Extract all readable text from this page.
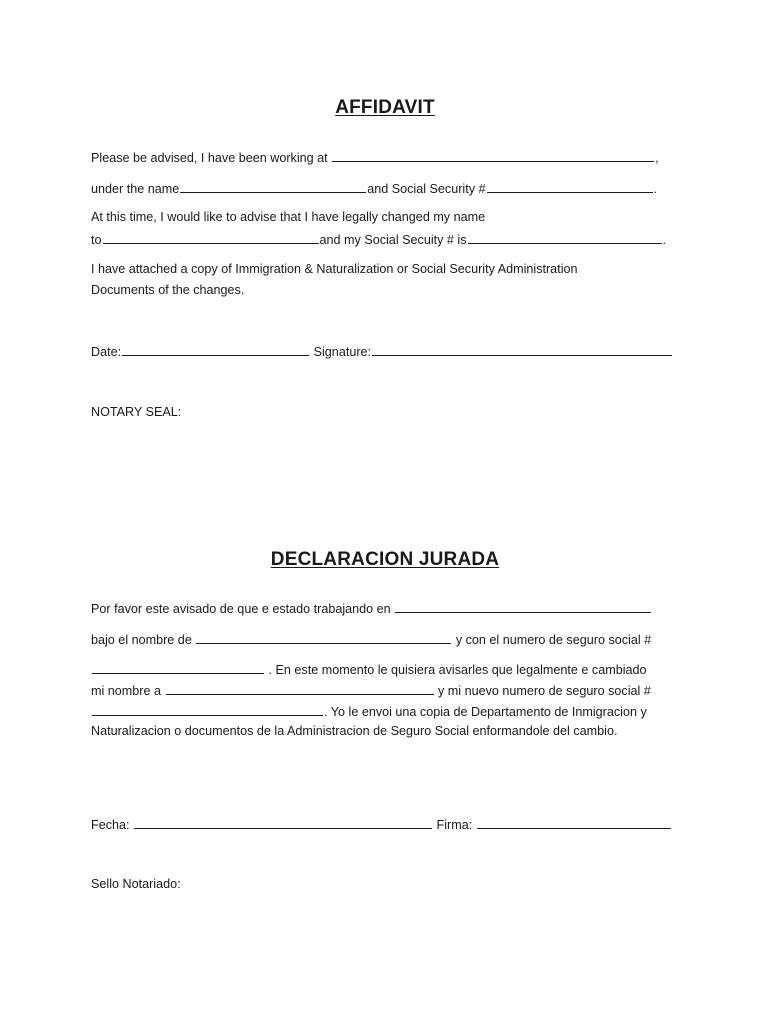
AFFIDAVIT
Please be advised, I have been working at	,
under the name	and Social Security #	.
At this time, I would like to advise that I have legally changed my name
to	and my Social Secuity # is	.
I have attached a copy of Immigration & Naturalization or Social Security Administration
Documents of the changes.
Date:	Signature:
NOTARY SEAL:
DECLARACION JURADA
Por favor este avisado de que e estado trabajando en
bajo el nombre de	y con el numero de seguro social #
. En este momento le quisiera avisarles que legalmente e cambiado
mi nombre a	y mi nuevo numero de seguro social #
. Yo le envoi una copia de Departamento de Inmigracion y
Naturalizacion o documentos de la Administracion de Seguro Social enformandole del cambio.
Fecha:	Firma:
Sello Notariado:
